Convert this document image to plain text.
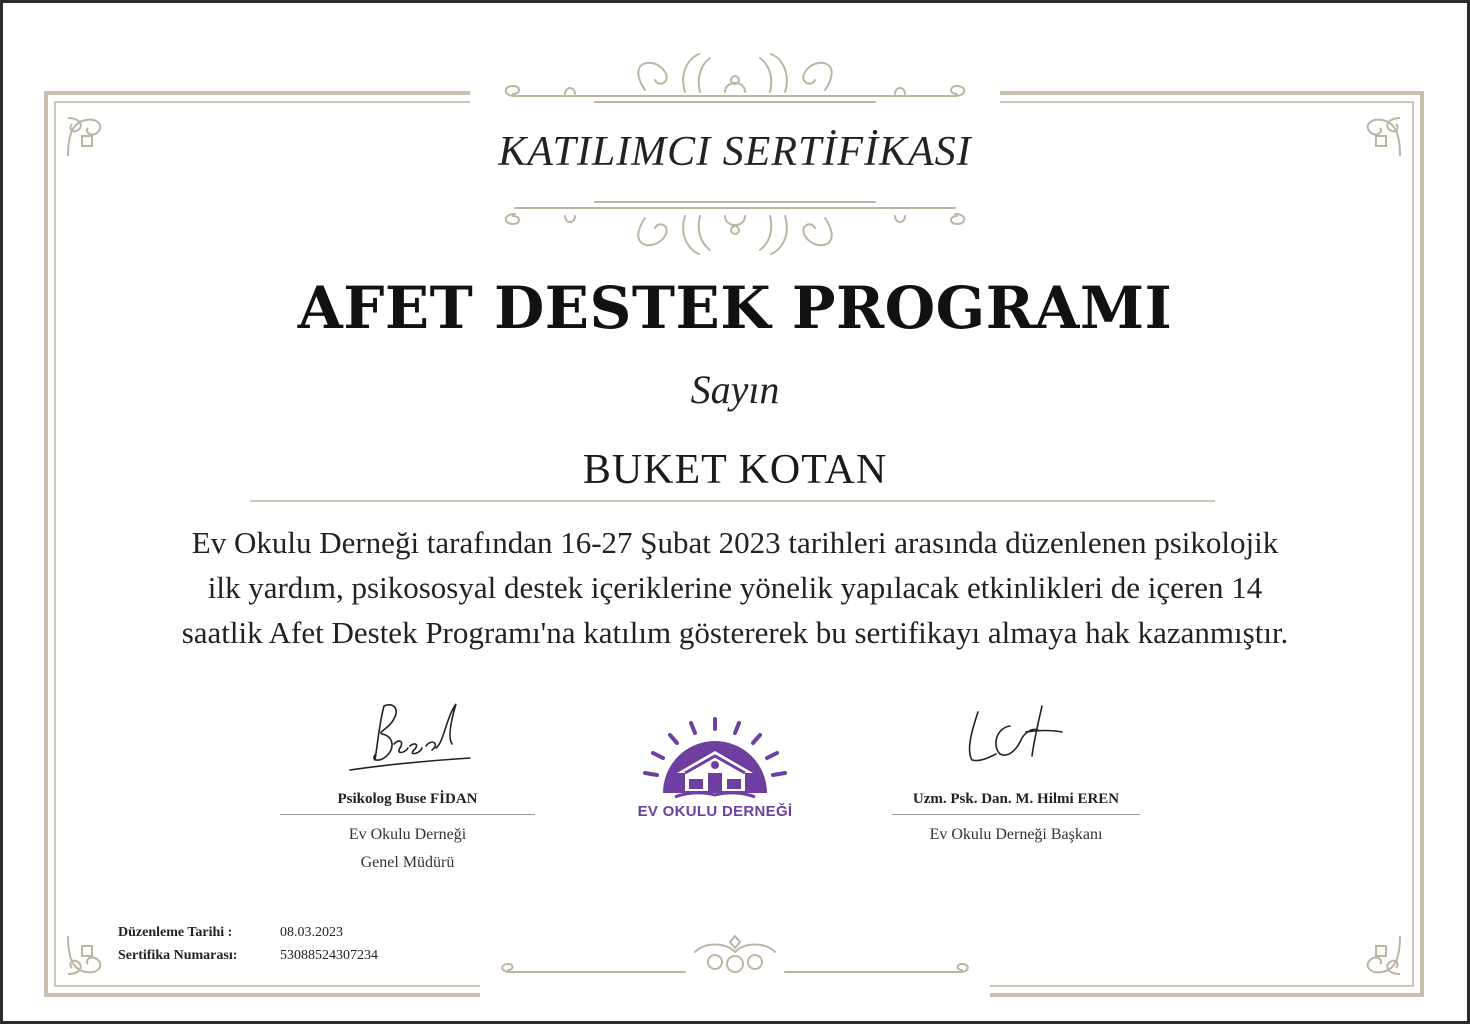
KATILIMCI SERTİFİKASI
AFET DESTEK PROGRAMI
Sayın
BUKET KOTAN
Ev Okulu Derneği tarafından 16-27 Şubat 2023 tarihleri arasında düzenlenen psikolojik
ilk yardım, psikososyal destek içeriklerine yönelik yapılacak etkinlikleri de içeren 14
saatlik Afet Destek Programı'na katılım göstererek bu sertifikayı almaya hak kazanmıştır.
Psikolog Buse FİDAN
Ev Okulu Derneği
Genel Müdürü
EV OKULU DERNEĞİ
Uzm. Psk. Dan. M. Hilmi EREN
Ev Okulu Derneği Başkanı
Düzenleme Tarihi :	08.03.2023
Sertifika Numarası:	53088524307234
